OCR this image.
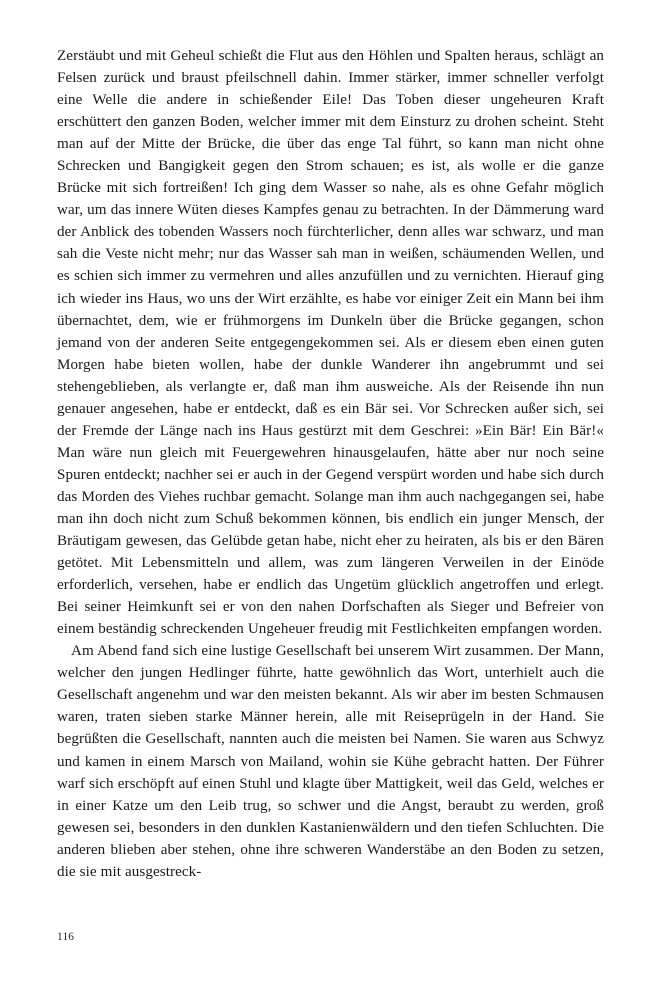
Zerstäubt und mit Geheul schießt die Flut aus den Höhlen und Spalten heraus, schlägt an Felsen zurück und braust pfeilschnell dahin. Immer stärker, immer schneller verfolgt eine Welle die andere in schießender Eile! Das Toben dieser ungeheuren Kraft erschüttert den ganzen Boden, welcher immer mit dem Einsturz zu drohen scheint. Steht man auf der Mitte der Brücke, die über das enge Tal führt, so kann man nicht ohne Schrecken und Bangigkeit gegen den Strom schauen; es ist, als wolle er die ganze Brücke mit sich fortreißen! Ich ging dem Wasser so nahe, als es ohne Gefahr möglich war, um das innere Wüten dieses Kampfes genau zu betrachten. In der Dämmerung ward der Anblick des tobenden Wassers noch fürchterlicher, denn alles war schwarz, und man sah die Veste nicht mehr; nur das Wasser sah man in weißen, schäumenden Wellen, und es schien sich immer zu vermehren und alles anzufüllen und zu vernichten. Hierauf ging ich wieder ins Haus, wo uns der Wirt erzählte, es habe vor einiger Zeit ein Mann bei ihm übernachtet, dem, wie er frühmorgens im Dunkeln über die Brücke gegangen, schon jemand von der anderen Seite entgegengekommen sei. Als er diesem eben einen guten Morgen habe bieten wollen, habe der dunkle Wanderer ihn angebrummt und sei stehengeblieben, als verlangte er, daß man ihm ausweiche. Als der Reisende ihn nun genauer angesehen, habe er entdeckt, daß es ein Bär sei. Vor Schrecken außer sich, sei der Fremde der Länge nach ins Haus gestürzt mit dem Geschrei: »Ein Bär! Ein Bär!« Man wäre nun gleich mit Feuergewehren hinausgelaufen, hätte aber nur noch seine Spuren entdeckt; nachher sei er auch in der Gegend verspürt worden und habe sich durch das Morden des Viehes ruchbar gemacht. Solange man ihm auch nachgegangen sei, habe man ihn doch nicht zum Schuß bekommen können, bis endlich ein junger Mensch, der Bräutigam gewesen, das Gelübde getan habe, nicht eher zu heiraten, als bis er den Bären getötet. Mit Lebensmitteln und allem, was zum längeren Verweilen in der Einöde erforderlich, versehen, habe er endlich das Ungetüm glücklich angetroffen und erlegt. Bei seiner Heimkunft sei er von den nahen Dorfschaften als Sieger und Befreier von einem beständig schreckenden Ungeheuer freudig mit Festlichkeiten empfangen worden.

Am Abend fand sich eine lustige Gesellschaft bei unserem Wirt zusammen. Der Mann, welcher den jungen Hedlinger führte, hatte gewöhnlich das Wort, unterhielt auch die Gesellschaft angenehm und war den meisten bekannt. Als wir aber im besten Schmausen waren, traten sieben starke Männer herein, alle mit Reiseprügeln in der Hand. Sie begrüßten die Gesellschaft, nannten auch die meisten bei Namen. Sie waren aus Schwyz und kamen in einem Marsch von Mailand, wohin sie Kühe gebracht hatten. Der Führer warf sich erschöpft auf einen Stuhl und klagte über Mattigkeit, weil das Geld, welches er in einer Katze um den Leib trug, so schwer und die Angst, beraubt zu werden, groß gewesen sei, besonders in den dunklen Kastanienwäldern und den tiefen Schluchten. Die anderen blieben aber stehen, ohne ihre schweren Wanderstäbe an den Boden zu setzen, die sie mit ausgestreck-

116
